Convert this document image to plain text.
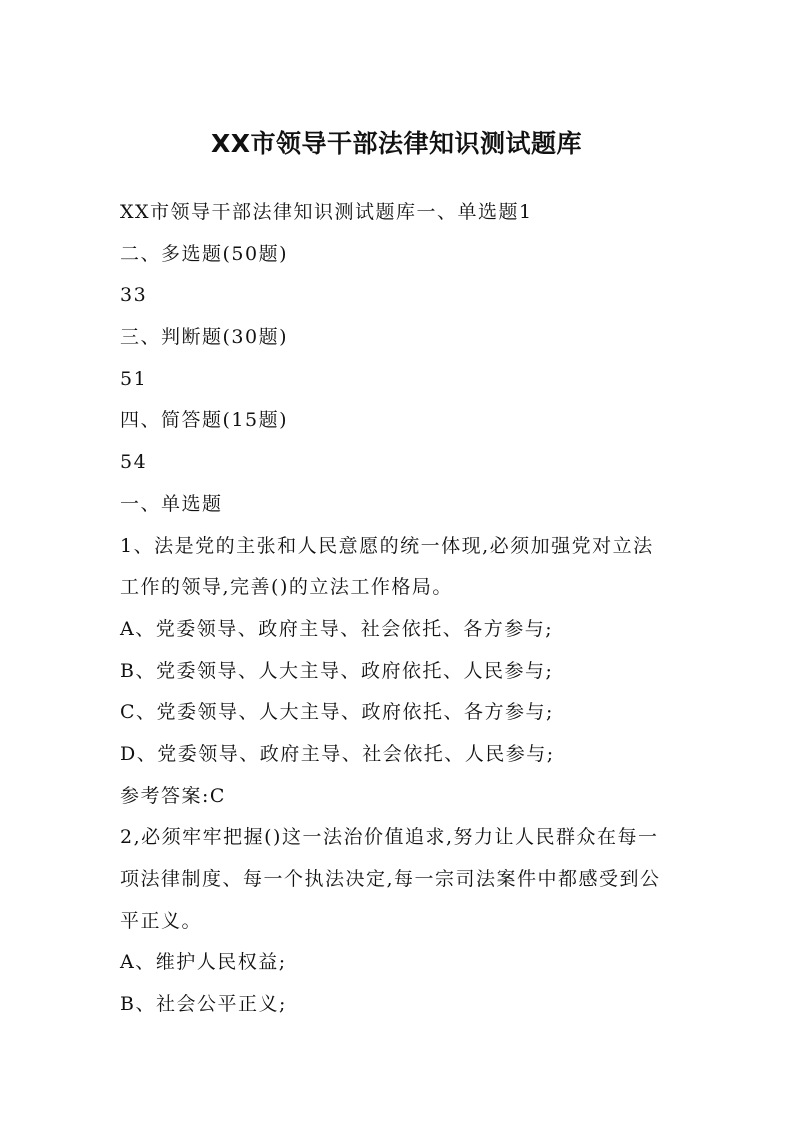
XX市领导干部法律知识测试题库
XX市领导干部法律知识测试题库一、单选题1
二、多选题(50题)
33
三、判断题(30题)
51
四、简答题(15题)
54
一、单选题
1、法是党的主张和人民意愿的统一体现,必须加强党对立法
工作的领导,完善()的立法工作格局。
A、党委领导、政府主导、社会依托、各方参与;
B、党委领导、人大主导、政府依托、人民参与;
C、党委领导、人大主导、政府依托、各方参与;
D、党委领导、政府主导、社会依托、人民参与;
参考答案:C
2,必须牢牢把握()这一法治价值追求,努力让人民群众在每一
项法律制度、每一个执法决定,每一宗司法案件中都感受到公
平正义。
A、维护人民权益;
B、社会公平正义;
